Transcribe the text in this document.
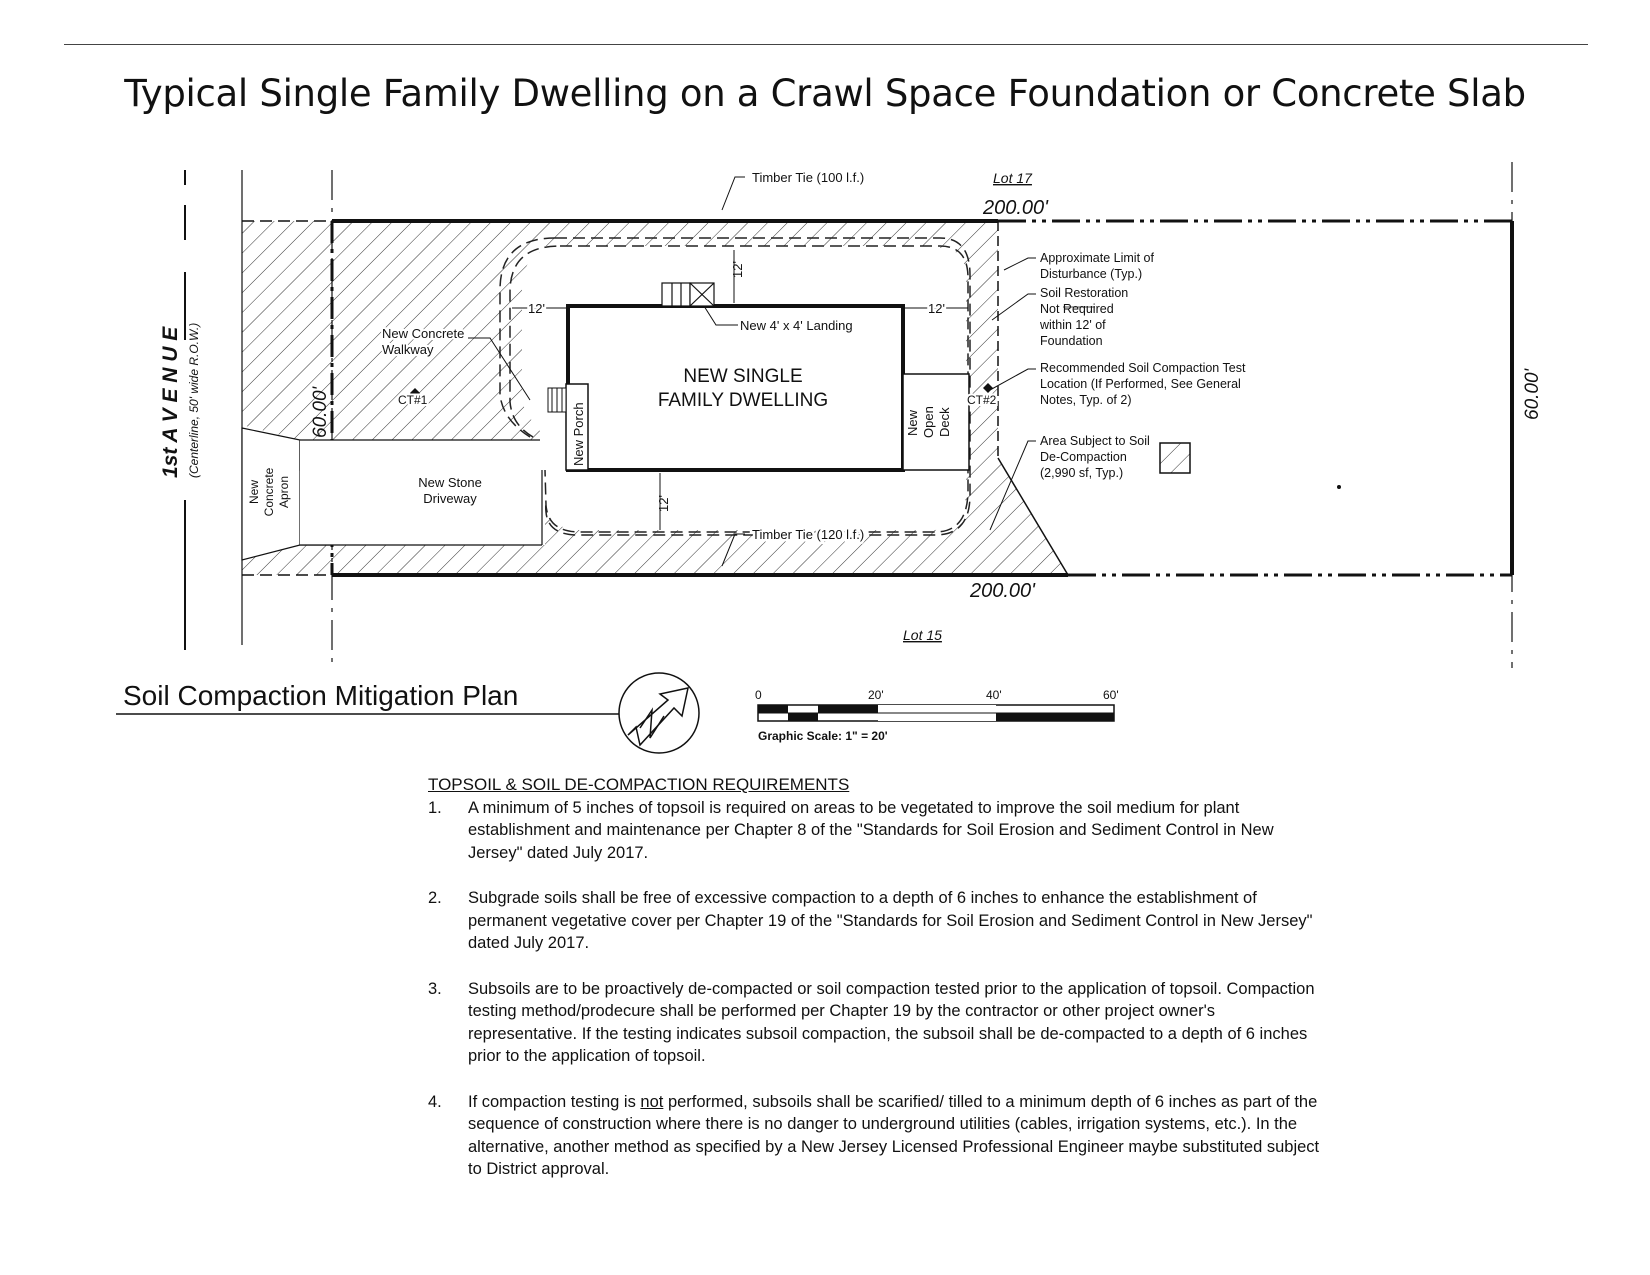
Typical Single Family Dwelling on a Crawl Space Foundation or Concrete Slab
12'
12'
12'	12'
1st A V E N U E (Centerline, 50' wide R.O.W.)
Lot 17
Lot 15
200.00'
200.00'
60.00'	60.00'
Timber Tie (100 l.f.)
Timber Tie (120 l.f.)
New 4' x 4' Landing
NEW SINGLE
FAMILY DWELLING
New Porch	New Open Deck
New Concrete
Walkway
CT#1	CT#2
New Stone
Driveway
New Concrete Apron
Approximate Limit of
Disturbance (Typ.)
Soil Restoration
Not Required
within 12' of
Foundation
Recommended Soil Compaction Test
Location (If Performed, See General
Notes, Typ. of 2)
Area Subject to Soil
De-Compaction
(2,990 sf, Typ.)
Soil Compaction Mitigation Plan	0	20'	40'	60'
Graphic Scale: 1" = 20'
TOPSOIL & SOIL DE-COMPACTION REQUIREMENTS
1. A minimum of 5 inches of topsoil is required on areas to be vegetated to improve the soil medium for plant establishment and maintenance per Chapter 8 of the "Standards for Soil Erosion and Sediment Control in New Jersey" dated July 2017.
2. Subgrade soils shall be free of excessive compaction to a depth of 6 inches to enhance the establishment of permanent vegetative cover per Chapter 19 of the "Standards for Soil Erosion and Sediment Control in New Jersey" dated July 2017.
3. Subsoils are to be proactively de-compacted or soil compaction tested prior to the application of topsoil. Compaction testing method/prodecure shall be performed per Chapter 19 by the contractor or other project owner's representative. If the testing indicates subsoil compaction, the subsoil shall be de-compacted to a depth of 6 inches prior to the application of topsoil.
4. If compaction testing is not performed, subsoils shall be scarified/ tilled to a minimum depth of 6 inches as part of the sequence of construction where there is no danger to underground utilities (cables, irrigation systems, etc.). In the alternative, another method as specified by a New Jersey Licensed Professional Engineer maybe substituted subject to District approval.
